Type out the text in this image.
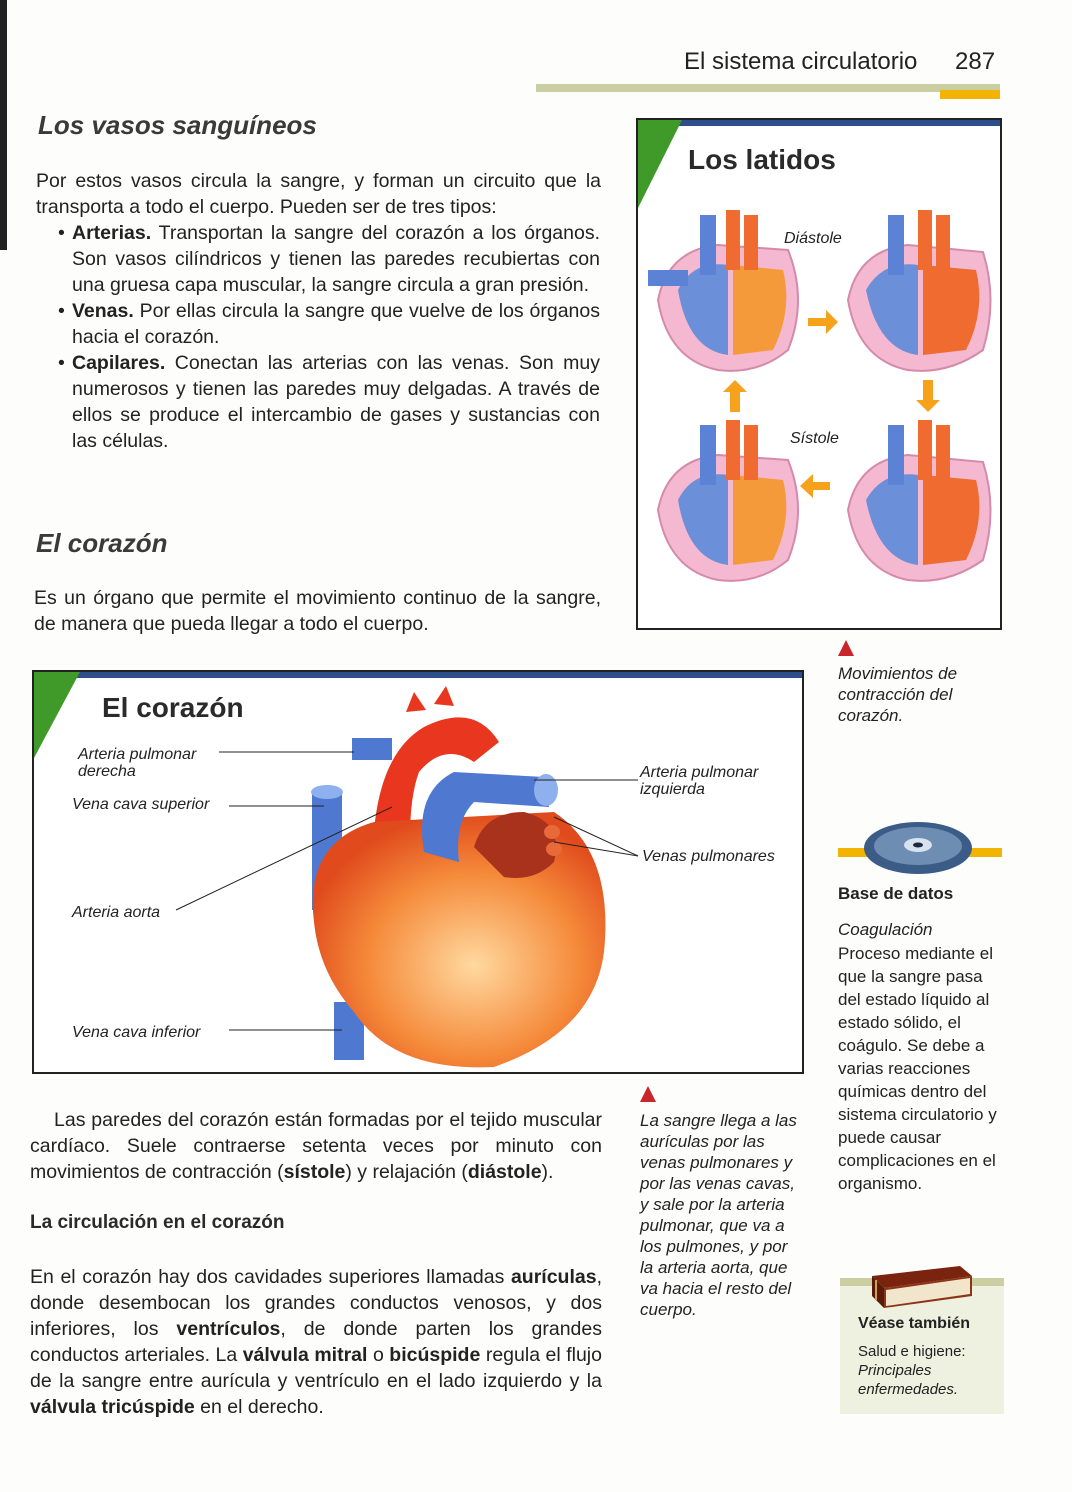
El sistema circulatorio 287
Los vasos sanguíneos
Por estos vasos circula la sangre, y forman un circuito que la transporta a todo el cuerpo. Pueden ser de tres tipos:
• Arterias. Transportan la sangre del corazón a los órganos. Son vasos cilíndricos y tienen las paredes recubiertas con una gruesa capa muscular, la sangre circula a gran presión.
• Venas. Por ellas circula la sangre que vuelve de los órganos hacia el corazón.
• Capilares. Conectan las arterias con las venas. Son muy numerosos y tienen las paredes muy delgadas. A través de ellos se produce el intercambio de gases y sustancias con las células.
El corazón
Es un órgano que permite el movimiento continuo de la sangre, de manera que pueda llegar a todo el cuerpo.
Los latidos
Diástole
Sístole
Movimientos de contracción del corazón.
El corazón
Arteria pulmonar
derecha
Vena cava superior
Arteria aorta
Vena cava inferior
Arteria pulmonar
izquierda
Venas pulmonares
Base de datos
Coagulación
Proceso mediante el que la sangre pasa del estado líquido al estado sólido, el coágulo. Se debe a varias reacciones químicas dentro del sistema circulatorio y puede causar complicaciones en el organismo.
Las paredes del corazón están formadas por el tejido muscular cardíaco. Suele contraerse setenta veces por minuto con movimientos de contracción (sístole) y relajación (diástole).
La circulación en el corazón
En el corazón hay dos cavidades superiores llamadas aurículas, donde desembocan los grandes conductos venosos, y dos inferiores, los ventrículos, de donde parten los grandes conductos arteriales. La válvula mitral o bicúspide regula el flujo de la sangre entre aurícula y ventrículo en el lado izquierdo y la válvula tricúspide en el derecho.
La sangre llega a las aurículas por las venas pulmonares y por las venas cavas, y sale por la arteria pulmonar, que va a los pulmones, y por la arteria aorta, que va hacia el resto del cuerpo.
Véase también
Salud e higiene:
Principales enfermedades.
